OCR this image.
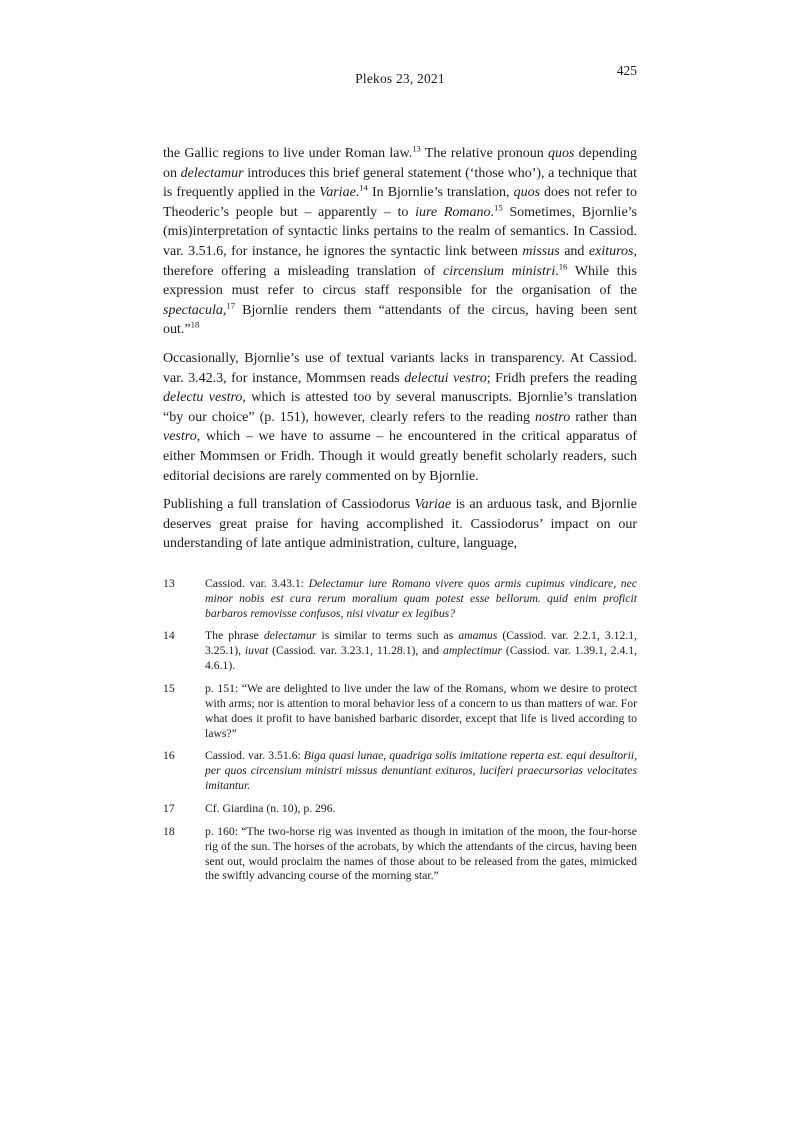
Plekos 23, 2021
425

the Gallic regions to live under Roman law.$^{13}$ The relative pronoun quos depending on delectamur introduces this brief general statement (‘those who’), a technique that is frequently applied in the Variae.$^{14}$ In Bjornlie’s translation, quos does not refer to Theoderic’s people but – apparently – to iure Romano.$^{15}$ Sometimes, Bjornlie’s (mis)interpretation of syntactic links pertains to the realm of semantics. In Cassiod. var. 3.51.6, for instance, he ignores the syntactic link between missus and exituros, therefore offering a misleading translation of circensium ministri.$^{16}$ While this expression must refer to circus staff responsible for the organisation of the spectacula,$^{17}$ Bjornlie renders them “attendants of the circus, having been sent out.”$^{18}$

Occasionally, Bjornlie’s use of textual variants lacks in transparency. At Cassiod. var. 3.42.3, for instance, Mommsen reads delectui vestro; Fridh prefers the reading delectu vestro, which is attested too by several manuscripts. Bjornlie’s translation “by our choice” (p. 151), however, clearly refers to the reading nostro rather than vestro, which – we have to assume – he encountered in the critical apparatus of either Mommsen or Fridh. Though it would greatly benefit scholarly readers, such editorial decisions are rarely commented on by Bjornlie.

Publishing a full translation of Cassiodorus Variae is an arduous task, and Bjornlie deserves great praise for having accomplished it. Cassiodorus’ impact on our understanding of late antique administration, culture, language,

13	Cassiod. var. 3.43.1: Delectamur iure Romano vivere quos armis cupimus vindicare, nec minor nobis est cura rerum moralium quam potest esse bellorum. quid enim proficit barbaros removisse confusos, nisi vivatur ex legibus?
14	The phrase delectamur is similar to terms such as amamus (Cassiod. var. 2.2.1, 3.12.1, 3.25.1), iuvat (Cassiod. var. 3.23.1, 11.28.1), and amplectimur (Cassiod. var. 1.39.1, 2.4.1, 4.6.1).
15	p. 151: “We are delighted to live under the law of the Romans, whom we desire to protect with arms; nor is attention to moral behavior less of a concern to us than matters of war. For what does it profit to have banished barbaric disorder, except that life is lived according to laws?”
16	Cassiod. var. 3.51.6: Biga quasi lunae, quadriga solis imitatione reperta est. equi desultorii, per quos circensium ministri missus denuntiant exituros, luciferi praecursorias velocitates imitantur.
17	Cf. Giardina (n. 10), p. 296.
18	p. 160: “The two-horse rig was invented as though in imitation of the moon, the four-horse rig of the sun. The horses of the acrobats, by which the attendants of the circus, having been sent out, would proclaim the names of those about to be released from the gates, mimicked the swiftly advancing course of the morning star.”
